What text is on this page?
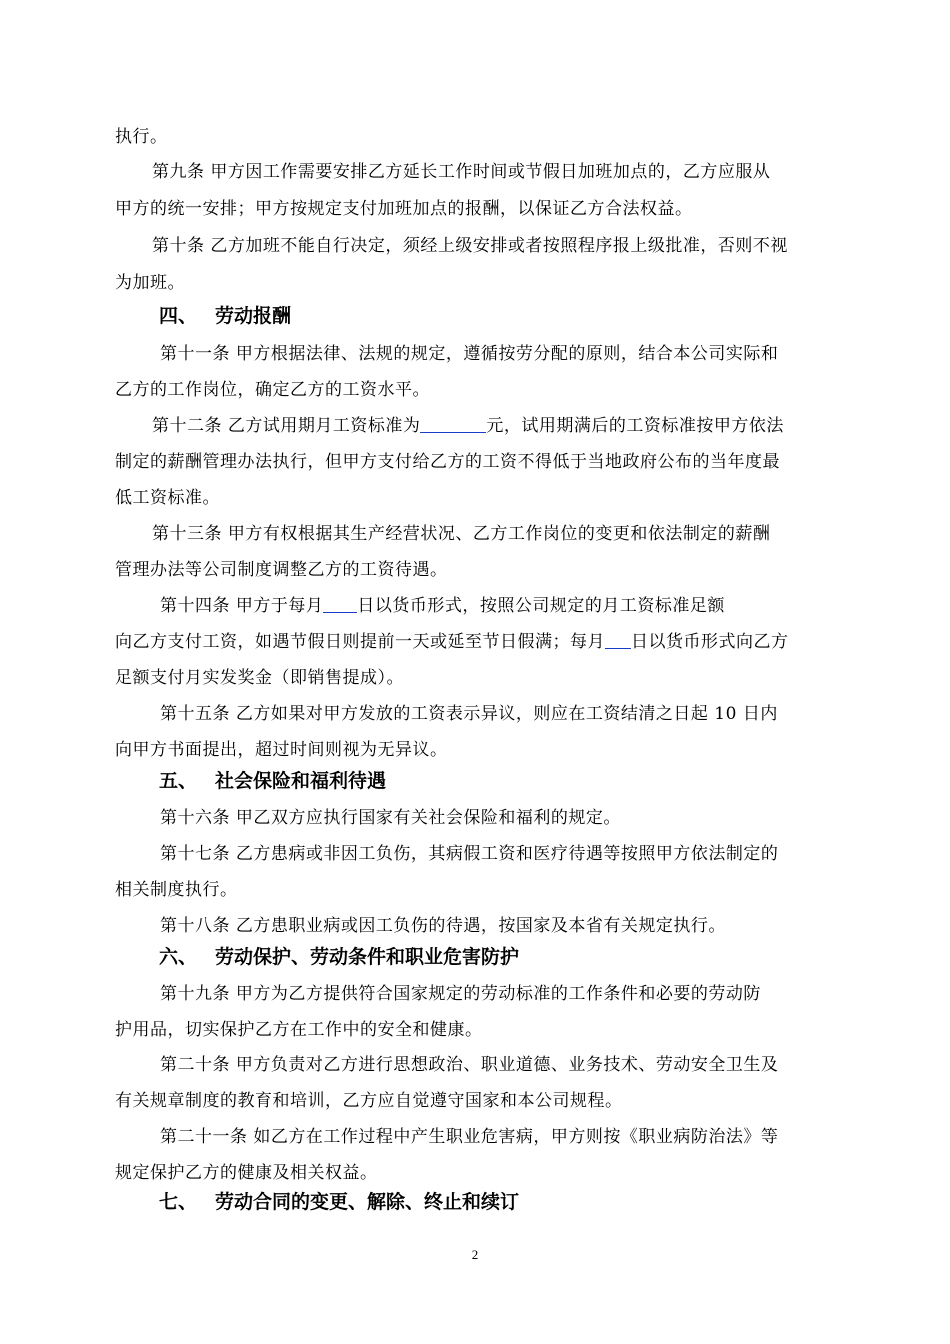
执行。

第九条 甲方因工作需要安排乙方延长工作时间或节假日加班加点的，乙方应服从

甲方的统一安排；甲方按规定支付加班加点的报酬，以保证乙方合法权益。

第十条 乙方加班不能自行决定，须经上级安排或者按照程序报上级批准，否则不视

为加班。

四、 劳动报酬

第十一条 甲方根据法律、法规的规定，遵循按劳分配的原则，结合本公司实际和

乙方的工作岗位，确定乙方的工资水平。

第十二条 乙方试用期月工资标准为	元，试用期满后的工资标准按甲方依法

制定的薪酬管理办法执行，但甲方支付给乙方的工资不得低于当地政府公布的当年度最

低工资标准。

第十三条 甲方有权根据其生产经营状况、乙方工作岗位的变更和依法制定的薪酬

管理办法等公司制度调整乙方的工资待遇。

第十四条 甲方于每月 日以货币形式，按照公司规定的月工资标准足额

向乙方支付工资，如遇节假日则提前一天或延至节日假满；每月 日以货币形式向乙方

足额支付月实发奖金（即销售提成）。

第十五条 乙方如果对甲方发放的工资表示异议，则应在工资结清之日起 10 日内

向甲方书面提出，超过时间则视为无异议。

五、 社会保险和福利待遇

第十六条 甲乙双方应执行国家有关社会保险和福利的规定。

第十七条 乙方患病或非因工负伤，其病假工资和医疗待遇等按照甲方依法制定的

相关制度执行。

第十八条 乙方患职业病或因工负伤的待遇，按国家及本省有关规定执行。

六、 劳动保护、劳动条件和职业危害防护

第十九条 甲方为乙方提供符合国家规定的劳动标准的工作条件和必要的劳动防

护用品，切实保护乙方在工作中的安全和健康。

第二十条 甲方负责对乙方进行思想政治、职业道德、业务技术、劳动安全卫生及

有关规章制度的教育和培训，乙方应自觉遵守国家和本公司规程。

第二十一条 如乙方在工作过程中产生职业危害病，甲方则按《职业病防治法》等

规定保护乙方的健康及相关权益。

七、 劳动合同的变更、解除、终止和续订
2
